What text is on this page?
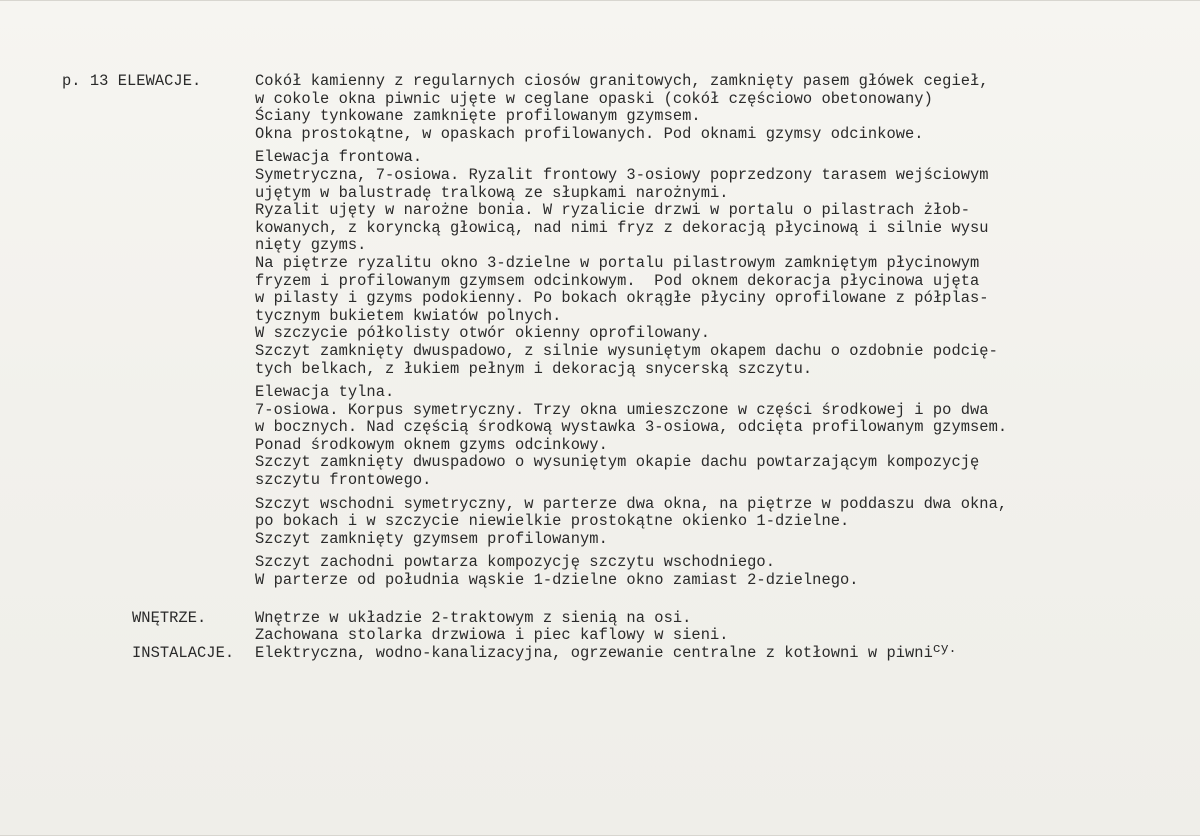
p. 13 ELEWACJE.	Cokół kamienny z regularnych ciosów granitowych, zamknięty pasem główek cegieł,
w cokole okna piwnic ujęte w ceglane opaski (cokół częściowo obetonowany)
Ściany tynkowane zamknięte profilowanym gzymsem.
Okna prostokątne, w opaskach profilowanych. Pod oknami gzymsy odcinkowe.
Elewacja frontowa.
Symetryczna, 7-osiowa. Ryzalit frontowy 3-osiowy poprzedzony tarasem wejściowym
ujętym w balustradę tralkową ze słupkami narożnymi.
Ryzalit ujęty w narożne bonia. W ryzalicie drzwi w portalu o pilastrach żłob-
kowanych, z koryncką głowicą, nad nimi fryz z dekoracją płycinową i silnie wysu
nięty gzyms.
Na piętrze ryzalitu okno 3-dzielne w portalu pilastrowym zamkniętym płycinowym
fryzem i profilowanym gzymsem odcinkowym.  Pod oknem dekoracja płycinowa ujęta
w pilasty i gzyms podokienny. Po bokach okrągłe płyciny oprofilowane z półplas-
tycznym bukietem kwiatów polnych.
W szczycie półkolisty otwór okienny oprofilowany.
Szczyt zamknięty dwuspadowo, z silnie wysuniętym okapem dachu o ozdobnie podcię-
tych belkach, z łukiem pełnym i dekoracją snycerską szczytu.
Elewacja tylna.
7-osiowa. Korpus symetryczny. Trzy okna umieszczone w części środkowej i po dwa
w bocznych. Nad częścią środkową wystawka 3-osiowa, odcięta profilowanym gzymsem.
Ponad środkowym oknem gzyms odcinkowy.
Szczyt zamknięty dwuspadowo o wysuniętym okapie dachu powtarzającym kompozycję
szczytu frontowego.
Szczyt wschodni symetryczny, w parterze dwa okna, na piętrze w poddaszu dwa okna,
po bokach i w szczycie niewielkie prostokątne okienko 1-dzielne.
Szczyt zamknięty gzymsem profilowanym.
Szczyt zachodni powtarza kompozycję szczytu wschodniego.
W parterze od południa wąskie 1-dzielne okno zamiast 2-dzielnego.
WNĘTRZE.	Wnętrze w układzie 2-traktowym z sienią na osi.
Zachowana stolarka drzwiowa i piec kaflowy w sieni.
INSTALACJE.	Elektryczna, wodno-kanalizacyjna, ogrzewanie centralne z kotłowni w piwnicy.
